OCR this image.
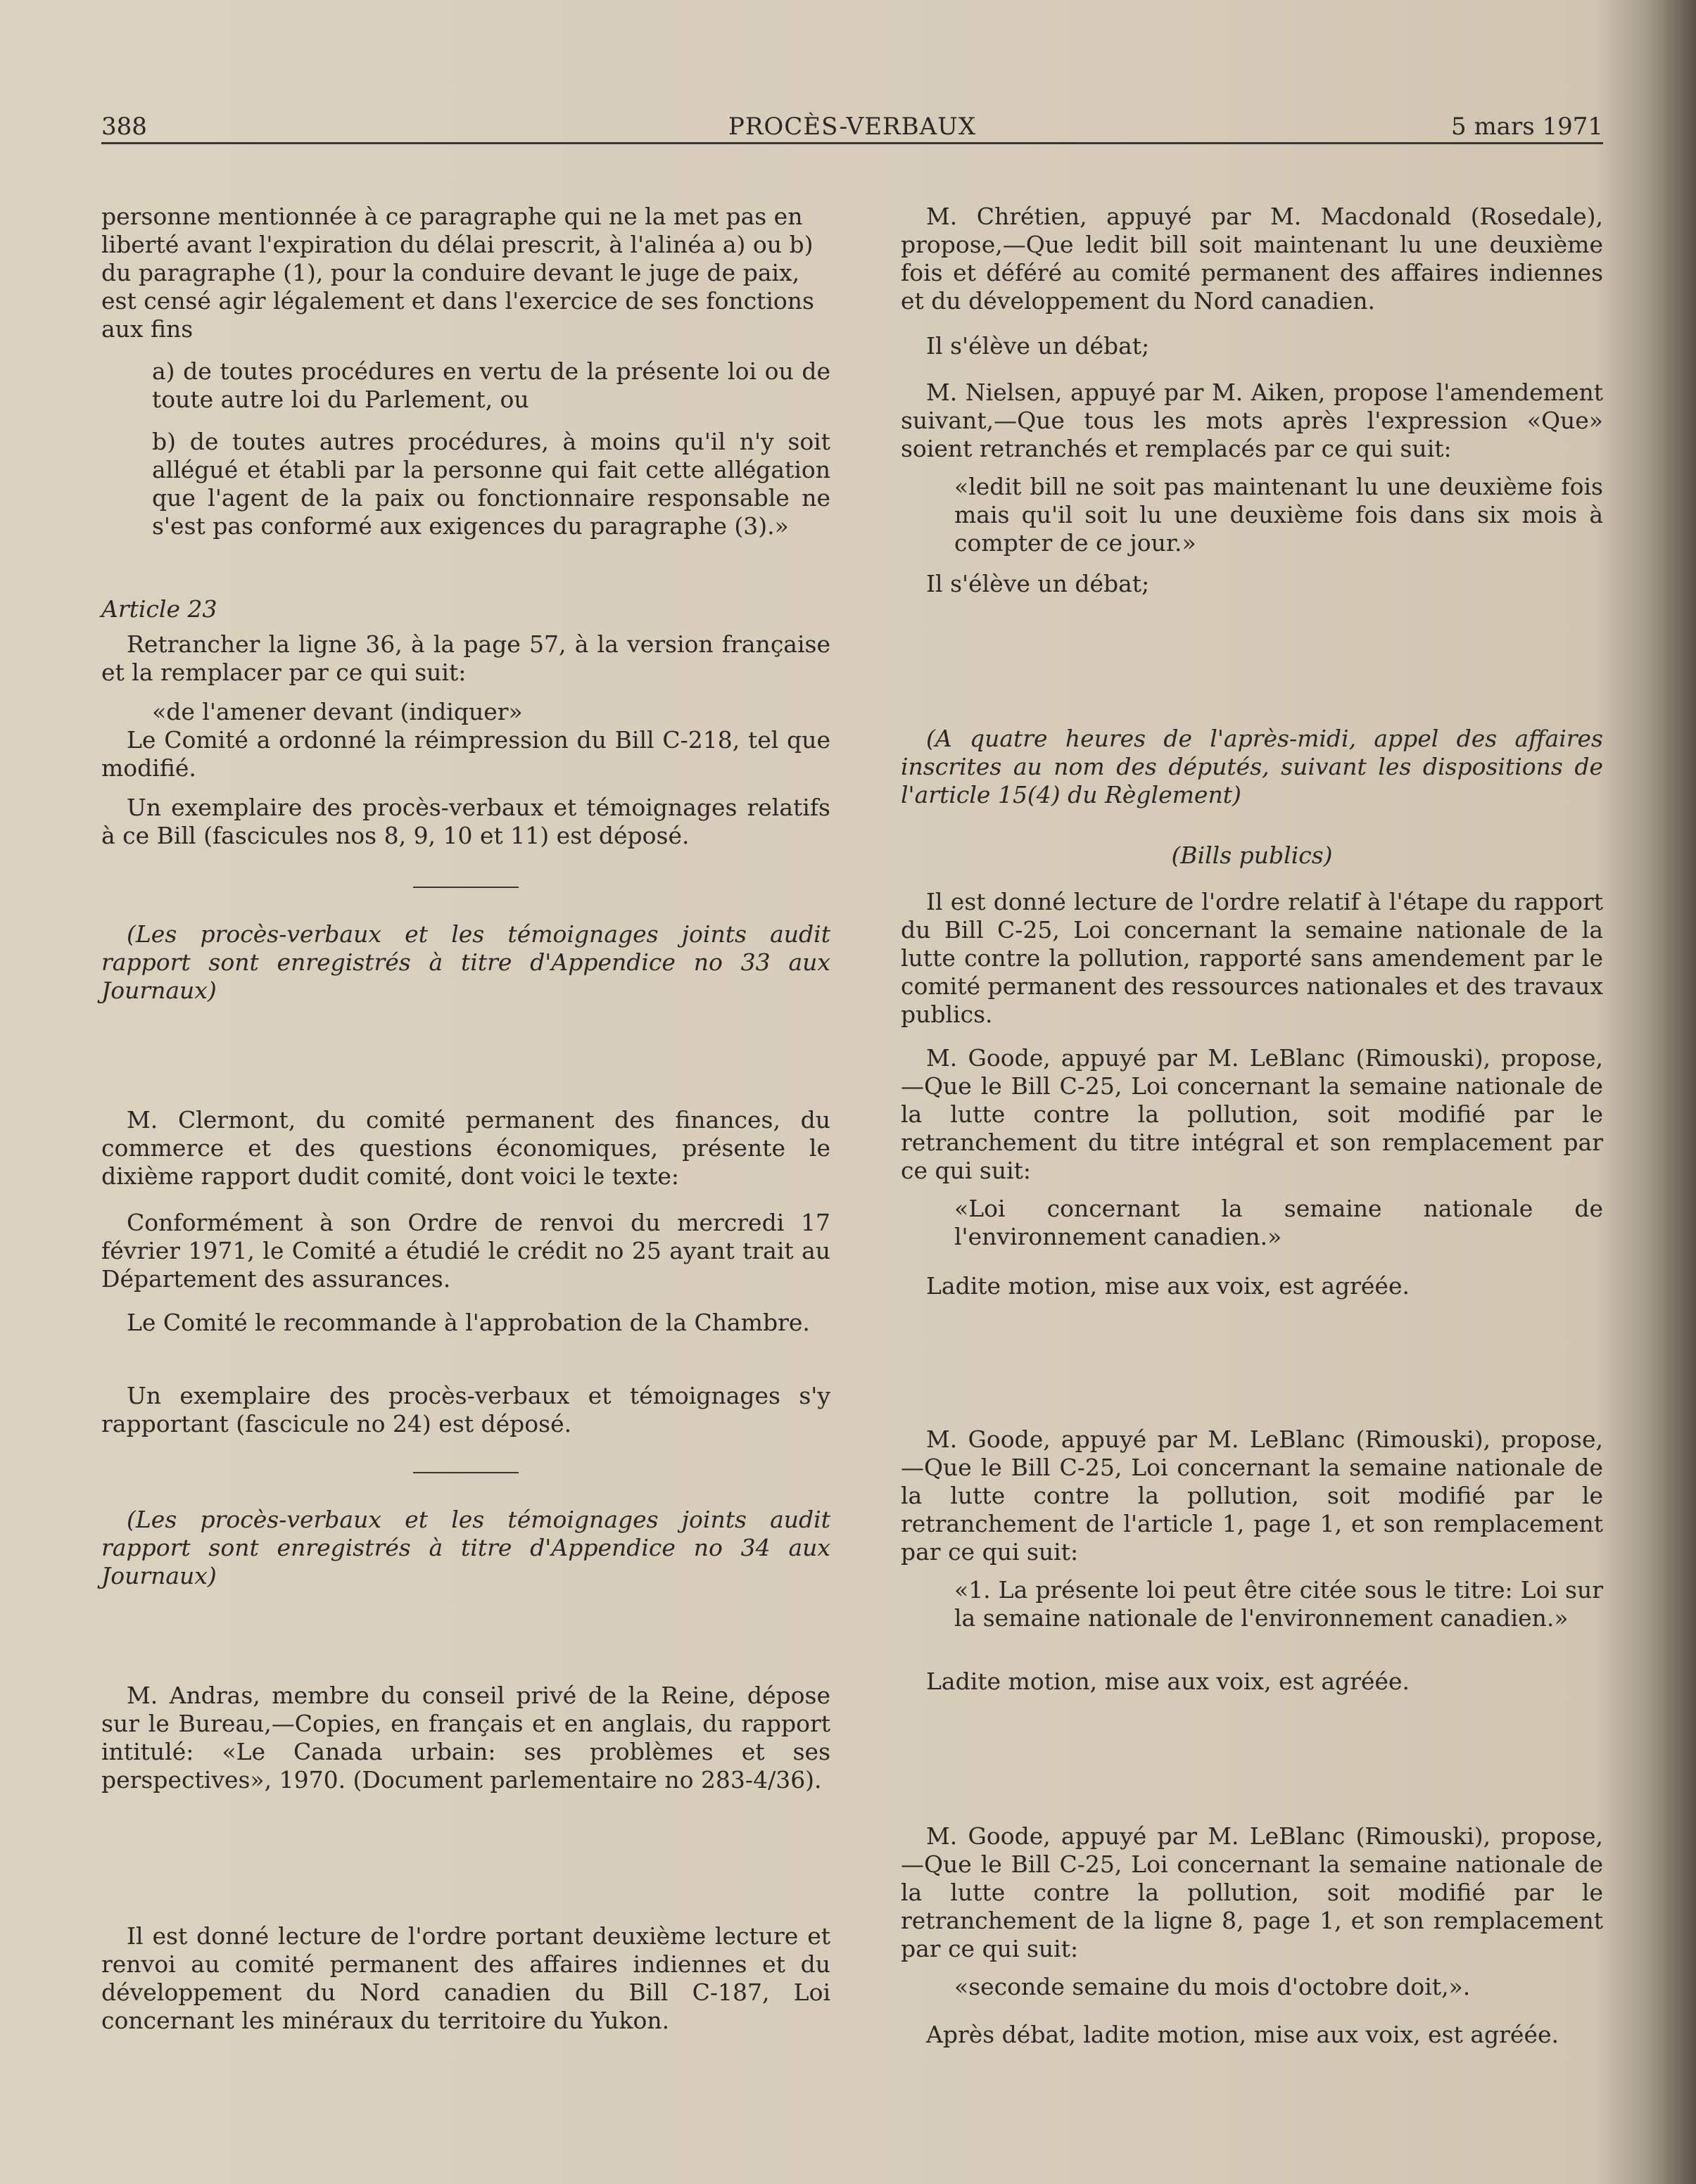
388	PROCÈS-VERBAUX	5 mars 1971
personne mentionnée à ce paragraphe qui ne la met pas en liberté avant l'expiration du délai prescrit, à l'alinéa a) ou b) du paragraphe (1), pour la conduire devant le juge de paix, est censé agir légalement et dans l'exercice de ses fonctions aux fins
a) de toutes procédures en vertu de la présente loi ou de toute autre loi du Parlement, ou
b) de toutes autres procédures, à moins qu'il n'y soit allégué et établi par la personne qui fait cette allégation que l'agent de la paix ou fonctionnaire responsable ne s'est pas conformé aux exigences du paragraphe (3).»
Article 23
Retrancher la ligne 36, à la page 57, à la version française et la remplacer par ce qui suit:
«de l'amener devant (indiquer»
Le Comité a ordonné la réimpression du Bill C-218, tel que modifié.
Un exemplaire des procès-verbaux et témoignages relatifs à ce Bill (fascicules nos 8, 9, 10 et 11) est déposé.
(Les procès-verbaux et les témoignages joints audit rapport sont enregistrés à titre d'Appendice no 33 aux Journaux)
M. Clermont, du comité permanent des finances, du commerce et des questions économiques, présente le dixième rapport dudit comité, dont voici le texte:
Conformément à son Ordre de renvoi du mercredi 17 février 1971, le Comité a étudié le crédit no 25 ayant trait au Département des assurances.
Le Comité le recommande à l'approbation de la Chambre.
Un exemplaire des procès-verbaux et témoignages s'y rapportant (fascicule no 24) est déposé.
(Les procès-verbaux et les témoignages joints audit rapport sont enregistrés à titre d'Appendice no 34 aux Journaux)
M. Andras, membre du conseil privé de la Reine, dépose sur le Bureau,—Copies, en français et en anglais, du rapport intitulé: «Le Canada urbain: ses problèmes et ses perspectives», 1970. (Document parlementaire no 283-4/36).
Il est donné lecture de l'ordre portant deuxième lecture et renvoi au comité permanent des affaires indiennes et du développement du Nord canadien du Bill C-187, Loi concernant les minéraux du territoire du Yukon.
M. Chrétien, appuyé par M. Macdonald (Rosedale), propose,—Que ledit bill soit maintenant lu une deuxième fois et déféré au comité permanent des affaires indiennes et du développement du Nord canadien.
Il s'élève un débat;
M. Nielsen, appuyé par M. Aiken, propose l'amendement suivant,—Que tous les mots après l'expression «Que» soient retranchés et remplacés par ce qui suit:
«ledit bill ne soit pas maintenant lu une deuxième fois mais qu'il soit lu une deuxième fois dans six mois à compter de ce jour.»
Il s'élève un débat;
(A quatre heures de l'après-midi, appel des affaires inscrites au nom des députés, suivant les dispositions de l'article 15(4) du Règlement)
(Bills publics)
Il est donné lecture de l'ordre relatif à l'étape du rapport du Bill C-25, Loi concernant la semaine nationale de la lutte contre la pollution, rapporté sans amendement par le comité permanent des ressources nationales et des travaux publics.
M. Goode, appuyé par M. LeBlanc (Rimouski), propose,—Que le Bill C-25, Loi concernant la semaine nationale de la lutte contre la pollution, soit modifié par le retranchement du titre intégral et son remplacement par ce qui suit:
«Loi concernant la semaine nationale de l'environnement canadien.»
Ladite motion, mise aux voix, est agréée.
M. Goode, appuyé par M. LeBlanc (Rimouski), propose,—Que le Bill C-25, Loi concernant la semaine nationale de la lutte contre la pollution, soit modifié par le retranchement de l'article 1, page 1, et son remplacement par ce qui suit:
«1. La présente loi peut être citée sous le titre: Loi sur la semaine nationale de l'environnement canadien.»
Ladite motion, mise aux voix, est agréée.
M. Goode, appuyé par M. LeBlanc (Rimouski), propose,—Que le Bill C-25, Loi concernant la semaine nationale de la lutte contre la pollution, soit modifié par le retranchement de la ligne 8, page 1, et son remplacement par ce qui suit:
«seconde semaine du mois d'octobre doit,».
Après débat, ladite motion, mise aux voix, est agréée.
